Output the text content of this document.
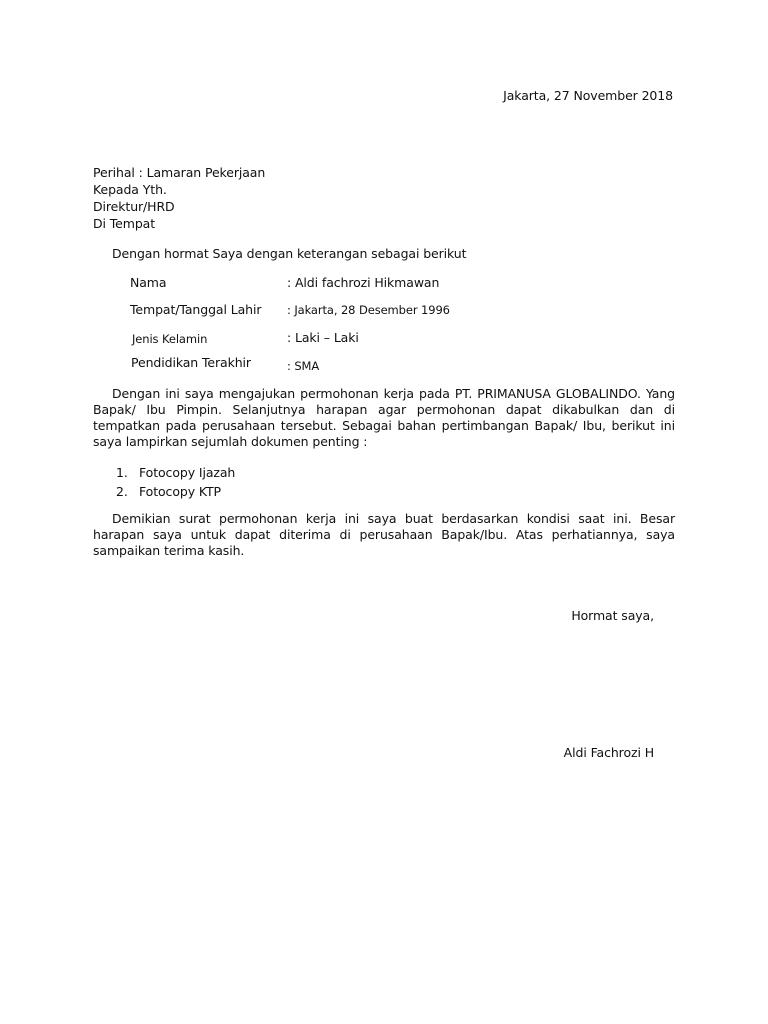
Jakarta, 27 November 2018
Perihal : Lamaran Pekerjaan
Kepada Yth.
Direktur/HRD
Di Tempat
Dengan hormat Saya dengan keterangan sebagai berikut
Nama	: Aldi fachrozi Hikmawan
Tempat/Tanggal Lahir : Jakarta, 28 Desember 1996
Jenis Kelamin	: Laki – Laki
Pendidikan Terakhir	: SMA
Dengan ini saya mengajukan permohonan kerja pada PT. PRIMANUSA GLOBALINDO. Yang Bapak/ Ibu Pimpin. Selanjutnya harapan agar permohonan dapat dikabulkan dan di tempatkan pada perusahaan tersebut. Sebagai bahan pertimbangan Bapak/ Ibu, berikut ini saya lampirkan sejumlah dokumen penting :
1. Fotocopy Ijazah
2. Fotocopy KTP
Demikian surat permohonan kerja ini saya buat berdasarkan kondisi saat ini. Besar harapan saya untuk dapat diterima di perusahaan Bapak/Ibu. Atas perhatiannya, saya sampaikan terima kasih.
Hormat saya,
Aldi Fachrozi H
